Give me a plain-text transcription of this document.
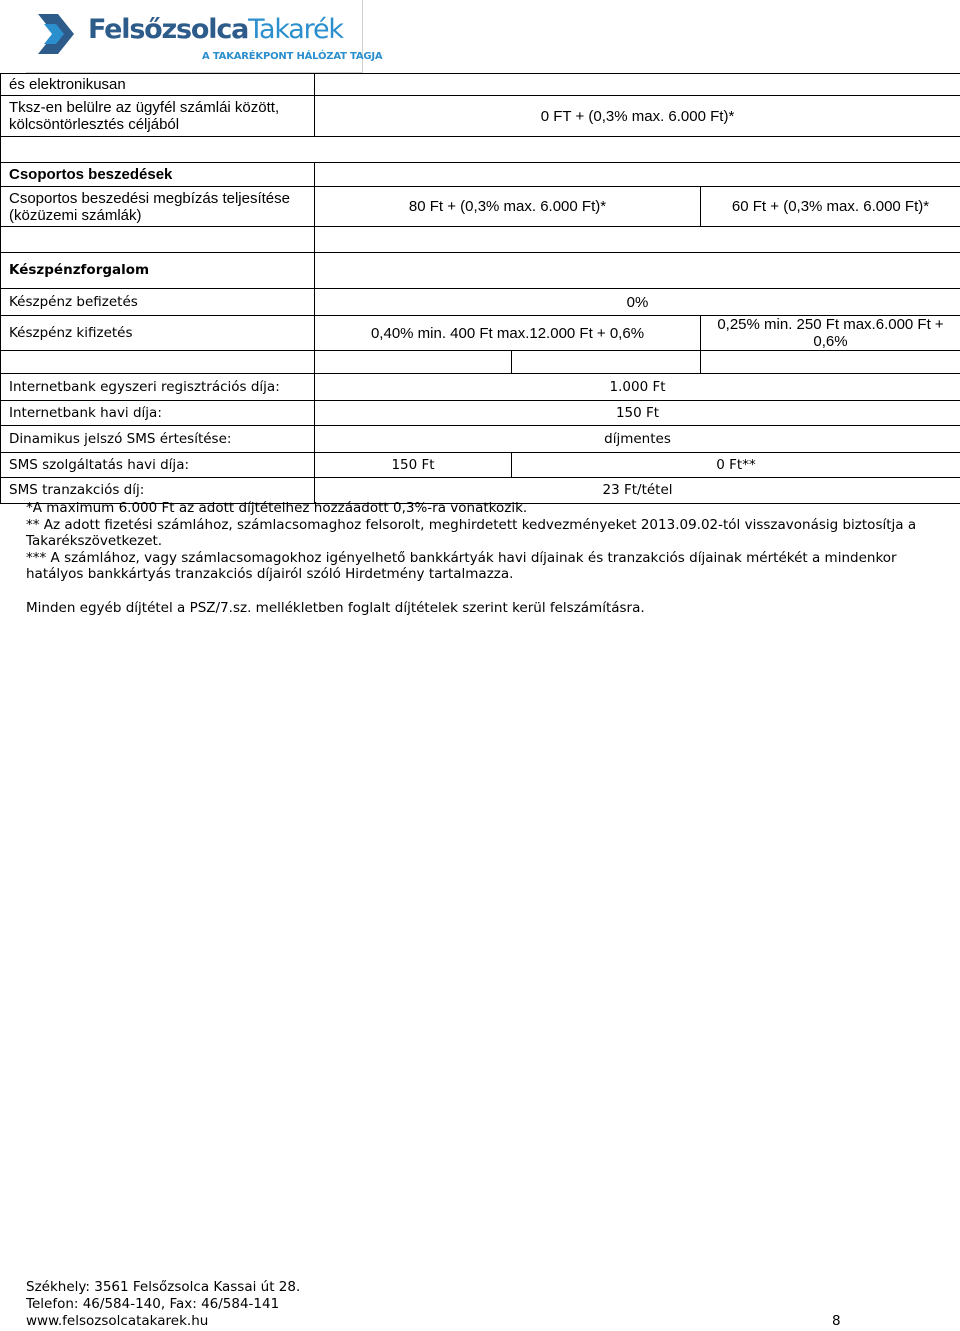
FelsőzsolcaTakarék
A TAKARÉKPONT HÁLÓZAT TAGJA
és elektronikusan			
Tksz-en belülre az ügyfél számlái között, kölcsöntörlesztés céljából	0 FT + (0,3% max. 6.000 Ft)*		

Csoportos beszedések			
Csoportos beszedési megbízás teljesítése (közüzemi számlák)	80 Ft + (0,3% max. 6.000 Ft)*		60 Ft + (0,3% max. 6.000 Ft)*

Készpénzforgalom			
Készpénz befizetés	0%		
Készpénz kifizetés	0,40% min. 400 Ft max.12.000 Ft + 0,6%		0,25% min. 250 Ft max.6.000 Ft + 0,6%

Internetbank egyszeri regisztrációs díja:	1.000 Ft		
Internetbank havi díja:	150 Ft		
Dinamikus jelszó SMS értesítése:	díjmentes		
SMS szolgáltatás havi díja:	150 Ft	0 Ft**	
SMS tranzakciós díj:	23 Ft/tétel		

*A maximum 6.000 Ft az adott díjtételhez hozzáadott 0,3%-ra vonatkozik.

** Az adott fizetési számlához, számlacsomaghoz felsorolt, meghirdetett kedvezményeket 2013.09.02-tól visszavonásig biztosítja a Takarékszövetkezet.

*** A számlához, vagy számlacsomagokhoz igényelhető bankkártyák havi díjainak és tranzakciós díjainak mértékét a mindenkor hatályos bankkártyás tranzakciós díjairól szóló Hirdetmény tartalmazza.

Minden egyéb díjtétel a PSZ/7.sz. mellékletben foglalt díjtételek szerint kerül felszámításra.

Székhely: 3561 Felsőzsolca Kassai út 28.
Telefon: 46/584-140, Fax: 46/584-141
www.felsozsolcatakarek.hu	8
